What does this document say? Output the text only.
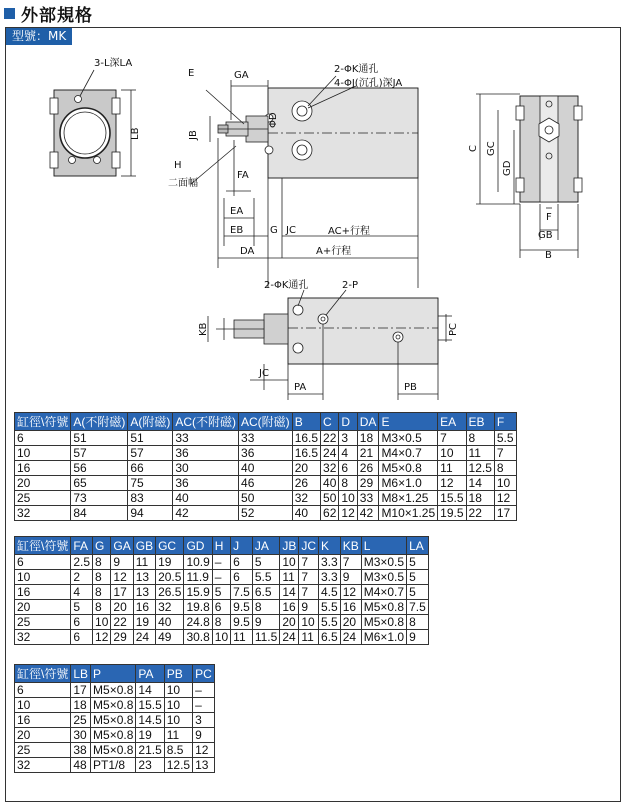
外部規格
型號：MK
3-L深LA
LB
E	GA
ΦD
JB
FA
H
二面幅
EA
EB	G JC
DA
AC+行程
A+行程
2-ΦK通孔
4-ΦJ(沉孔)深JA
C GC
GD
F
GB
B
2-ΦK通孔	2-P
KB	PC
JC
PA	PB
缸徑\符號	A(不附磁)	A(附磁)	AC(不附磁)	AC(附磁)	B	C	D	DA	E	EA	EB	F
6	51	51	33	33	16.5	22	3	18	M3×0.5	7	8	5.5
10	57	57	36	36	16.5	24	4	21	M4×0.7	10	11	7
16	56	66	30	40	20	32	6	26	M5×0.8	11	12.5	8
20	65	75	36	46	26	40	8	29	M6×1.0	12	14	10
25	73	83	40	50	32	50	10	33	M8×1.25	15.5	18	12
32	84	94	42	52	40	62	12	42	M10×1.25	19.5	22	17
缸徑\符號	FA	G	GA	GB	GC	GD	H	J	JA	JB	JC	K	KB	L	LA
6	2.5	8	9	11	19	10.9	–	6	5	10	7	3.3	7	M3×0.5	5
10	2	8	12	13	20.5	11.9	–	6	5.5	11	7	3.3	9	M3×0.5	5
16	4	8	17	13	26.5	15.9	5	7.5	6.5	14	7	4.5	12	M4×0.7	5
20	5	8	20	16	32	19.8	6	9.5	8	16	9	5.5	16	M5×0.8	7.5
25	6	10	22	19	40	24.8	8	9.5	9	20	10	5.5	20	M5×0.8	8
32	6	12	29	24	49	30.8	10	11	11.5	24	11	6.5	24	M6×1.0	9
缸徑\符號	LB	P	PA	PB	PC
6	17	M5×0.8	14	10	–
10	18	M5×0.8	15.5	10	–
16	25	M5×0.8	14.5	10	3
20	30	M5×0.8	19	11	9
25	38	M5×0.8	21.5	8.5	12
32	48	PT1/8	23	12.5	13
